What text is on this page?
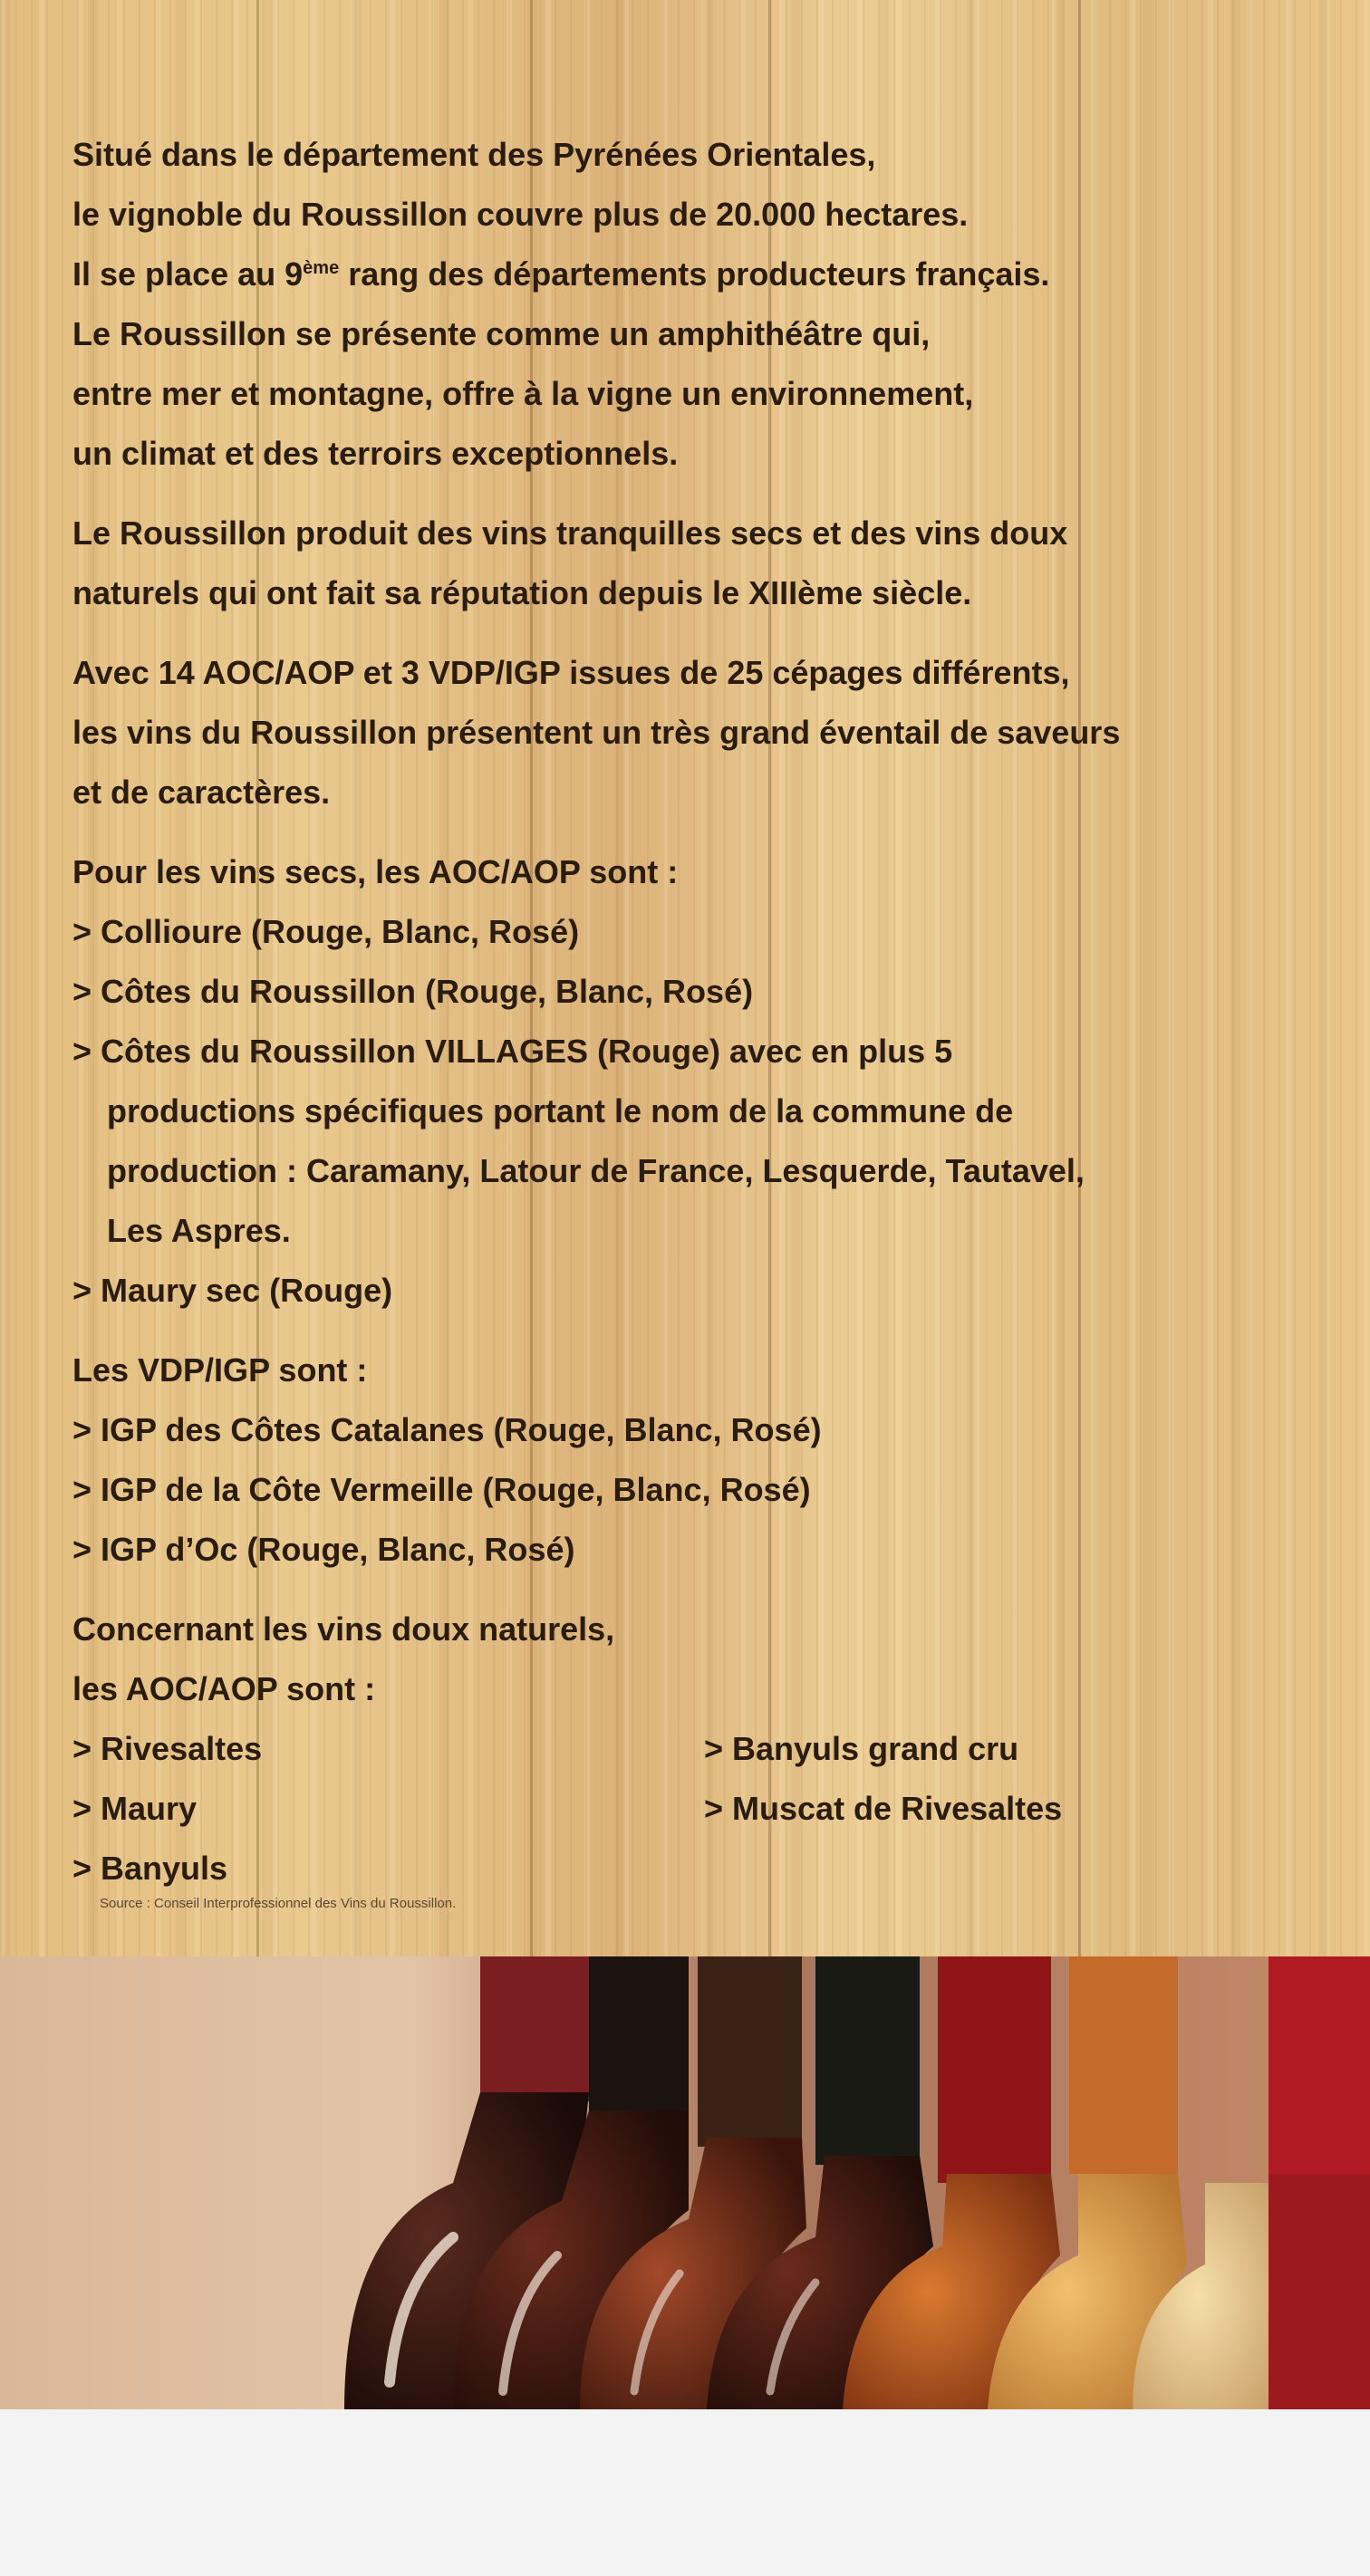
Situé dans le département des Pyrénées Orientales,
le vignoble du Roussillon couvre plus de 20.000 hectares.
Il se place au 9ème rang des départements producteurs français.
Le Roussillon se présente comme un amphithéâtre qui,
entre mer et montagne, offre à la vigne un environnement,
un climat et des terroirs exceptionnels.
Le Roussillon produit des vins tranquilles secs et des vins doux
naturels qui ont fait sa réputation depuis le XIIIème siècle.
Avec 14 AOC/AOP et 3 VDP/IGP issues de 25 cépages différents,
les vins du Roussillon présentent un très grand éventail de saveurs
et de caractères.
Pour les vins secs, les AOC/AOP sont :
> Collioure (Rouge, Blanc, Rosé)
> Côtes du Roussillon (Rouge, Blanc, Rosé)
> Côtes du Roussillon VILLAGES (Rouge) avec en plus 5
productions spécifiques portant le nom de la commune de
production : Caramany, Latour de France, Lesquerde, Tautavel,
Les Aspres.
> Maury sec (Rouge)
Les VDP/IGP sont :
> IGP des Côtes Catalanes (Rouge, Blanc, Rosé)
> IGP de la Côte Vermeille (Rouge, Blanc, Rosé)
> IGP d’Oc (Rouge, Blanc, Rosé)
Concernant les vins doux naturels,
les AOC/AOP sont :
> Rivesaltes
> Maury
> Banyuls
> Banyuls grand cru
> Muscat de Rivesaltes
Source : Conseil Interprofessionnel des Vins du Roussillon.
